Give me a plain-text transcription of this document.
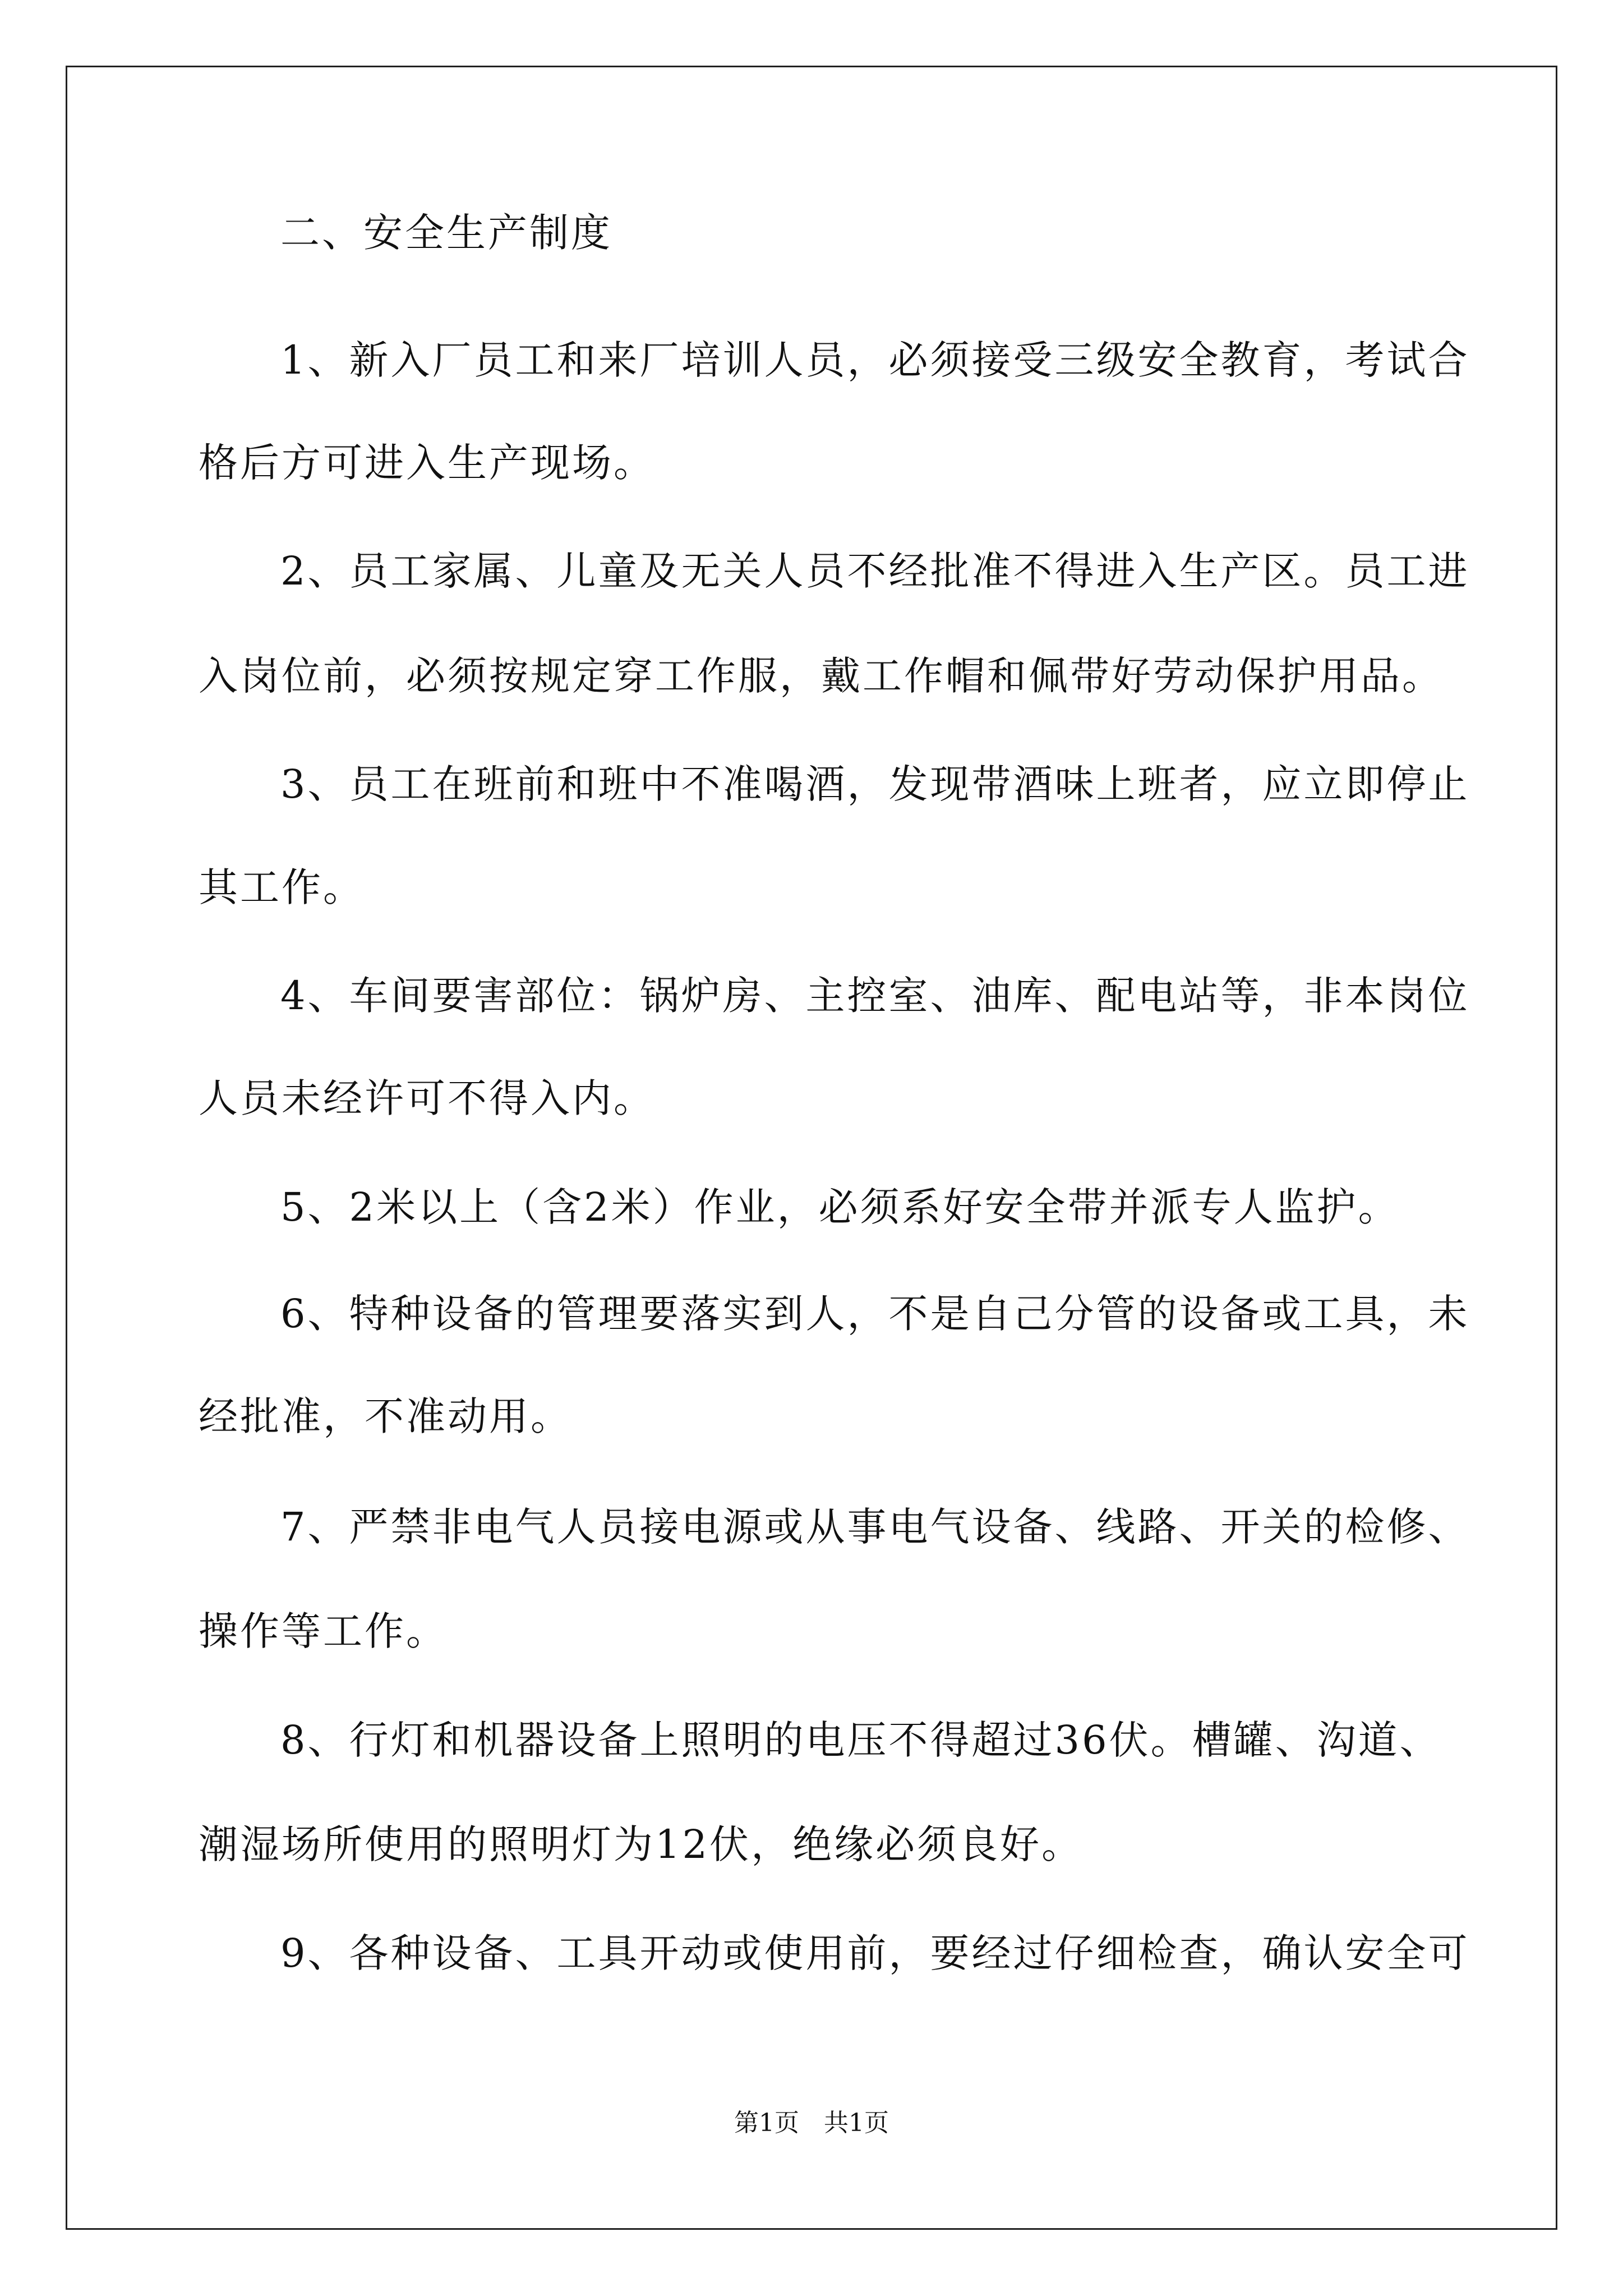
二、安全生产制度
1、新入厂员工和来厂培训人员，必须接受三级安全教育，考试合
格后方可进入生产现场。
2、员工家属、儿童及无关人员不经批准不得进入生产区。员工进
入岗位前，必须按规定穿工作服，戴工作帽和佩带好劳动保护用品。
3、员工在班前和班中不准喝酒，发现带酒味上班者，应立即停止
其工作。
4、车间要害部位：锅炉房、主控室、油库、配电站等，非本岗位
人员未经许可不得入内。
5、2米以上（含2米）作业，必须系好安全带并派专人监护。
6、特种设备的管理要落实到人，不是自己分管的设备或工具，未
经批准，不准动用。
7、严禁非电气人员接电源或从事电气设备、线路、开关的检修、
操作等工作。
8、行灯和机器设备上照明的电压不得超过36伏。槽罐、沟道、
潮湿场所使用的照明灯为12伏，绝缘必须良好。
9、各种设备、工具开动或使用前，要经过仔细检查，确认安全可
第1页 共1页
